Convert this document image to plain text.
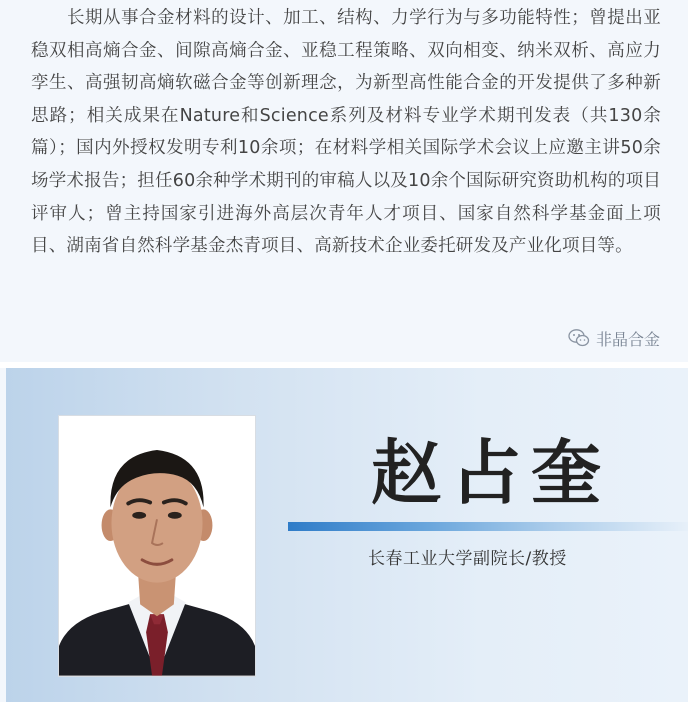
长期从事合金材料的设计、加工、结构、力学行为与多功能特性；曾提出亚稳双相高熵合金、间隙高熵合金、亚稳工程策略、双向相变、纳米双析、高应力孪生、高强韧高熵软磁合金等创新理念，为新型高性能合金的开发提供了多种新思路；相关成果在Nature和Science系列及材料专业学术期刊发表（共130余篇）；国内外授权发明专利10余项；在材料学相关国际学术会议上应邀主讲50余场学术报告；担任60余种学术期刊的审稿人以及10余个国际研究资助机构的项目评审人；曾主持国家引进海外高层次青年人才项目、国家自然科学基金面上项目、湖南省自然科学基金杰青项目、高新技术企业委托研发及产业化项目等。

非晶合金
赵占奎

长春工业大学副院长/教授
